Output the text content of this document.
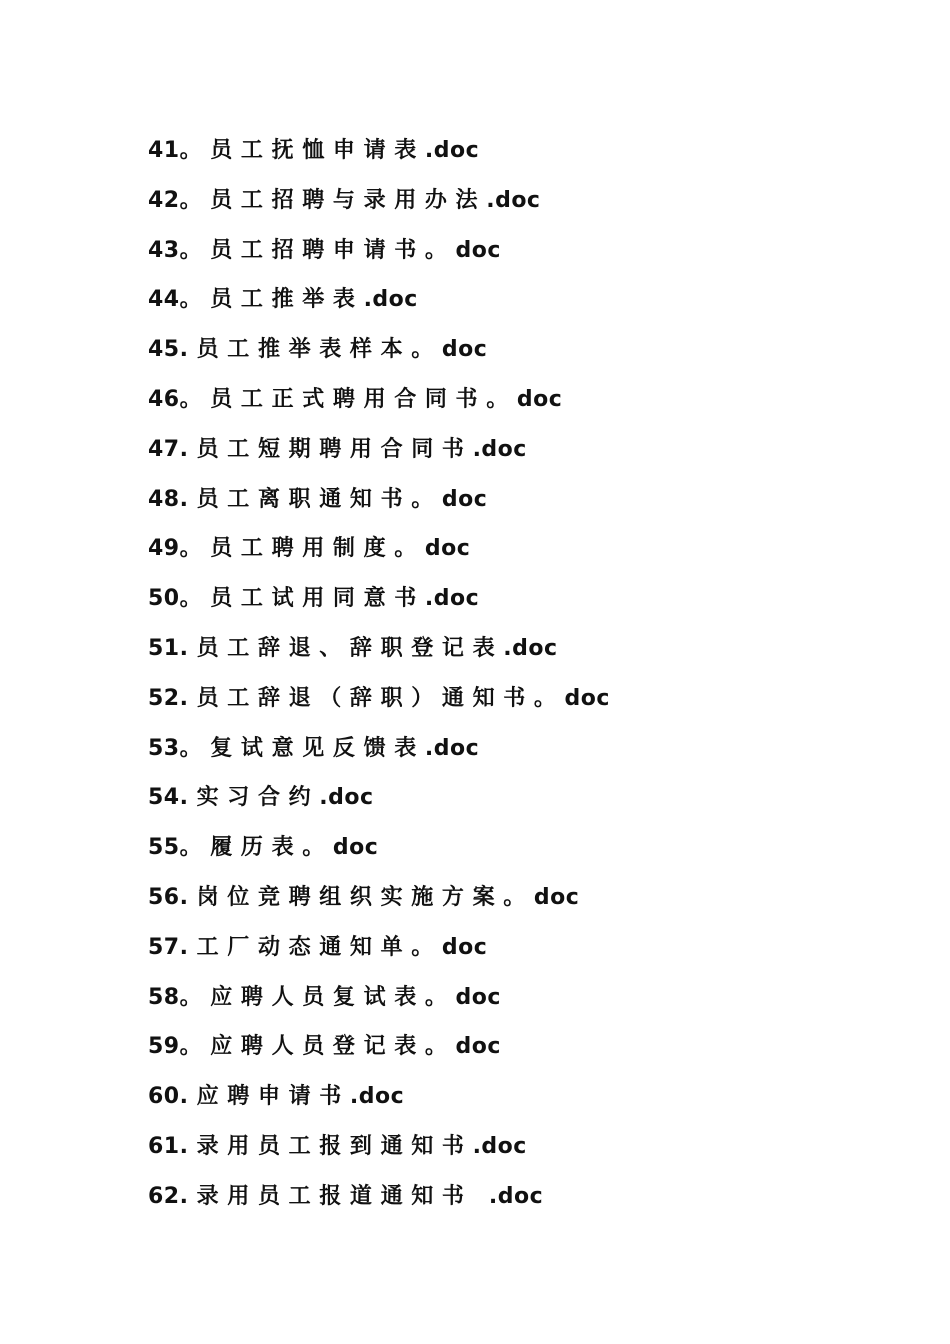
41。 员 工 抚 恤 申 请 表 .doc
42。 员 工 招 聘 与 录 用 办 法 .doc
43。 员 工 招 聘 申 请 书 。 doc
44。 员 工 推 举 表 .doc
45. 员 工 推 举 表 样 本 。 doc
46。 员 工 正 式 聘 用 合 同 书 。 doc
47. 员 工 短 期 聘 用 合 同 书 .doc
48. 员 工 离 职 通 知 书 。 doc
49。 员 工 聘 用 制 度 。 doc
50。 员 工 试 用 同 意 书 .doc
51. 员 工 辞 退 、 辞 职 登 记 表 .doc
52. 员 工 辞 退 （ 辞 职 ） 通 知 书 。 doc
53。 复 试 意 见 反 馈 表 .doc
54. 实 习 合 约 .doc
55。 履 历 表 。 doc
56. 岗 位 竞 聘 组 织 实 施 方 案 。 doc
57. 工 厂 动 态 通 知 单 。 doc
58。 应 聘 人 员 复 试 表 。 doc
59。 应 聘 人 员 登 记 表 。 doc
60. 应 聘 申 请 书 .doc
61. 录 用 员 工 报 到 通 知 书 .doc
62. 录 用 员 工 报 道 通 知 书   .doc
